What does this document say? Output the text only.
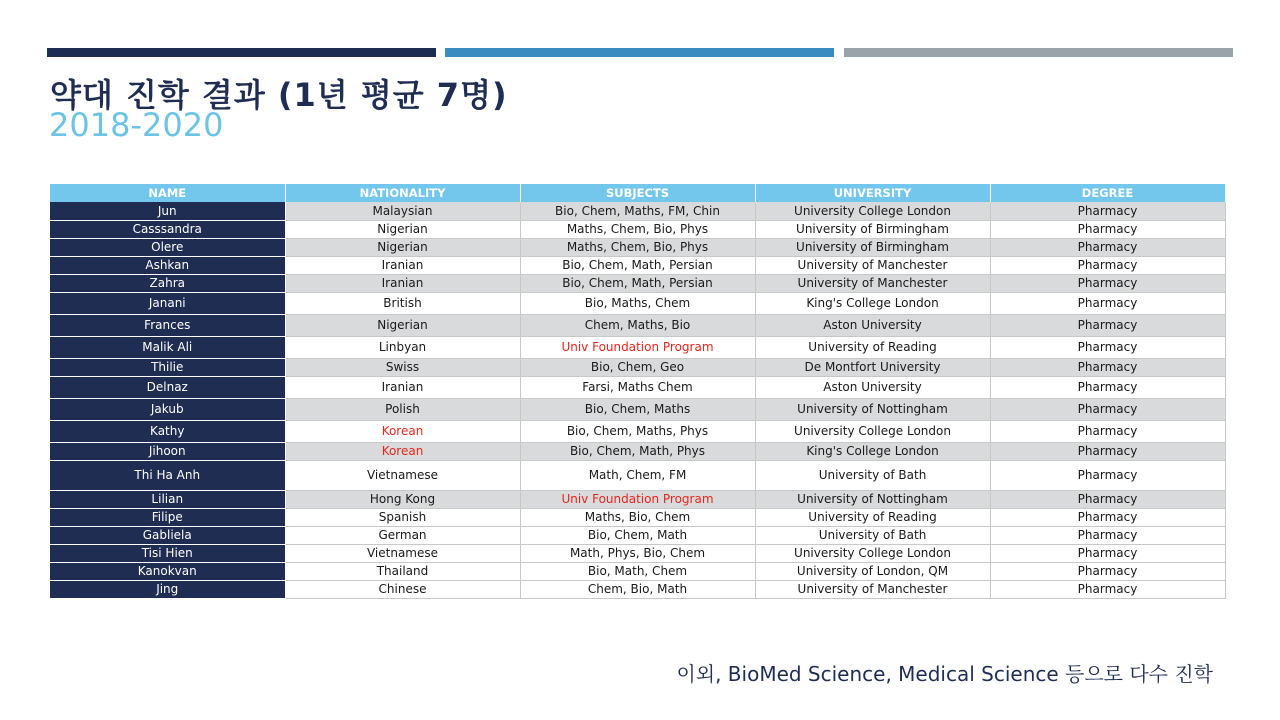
약대 진학 결과 (1년 평균 7명)
2018-2020
NAME	NATIONALITY	SUBJECTS	UNIVERSITY	DEGREE
Jun	Malaysian	Bio, Chem, Maths, FM, Chin	University College London	Pharmacy
Casssandra	Nigerian	Maths, Chem, Bio, Phys	University of Birmingham	Pharmacy
Olere	Nigerian	Maths, Chem, Bio, Phys	University of Birmingham	Pharmacy
Ashkan	Iranian	Bio, Chem, Math, Persian	University of Manchester	Pharmacy
Zahra	Iranian	Bio, Chem, Math, Persian	University of Manchester	Pharmacy
Janani	British	Bio, Maths, Chem	King's College London	Pharmacy
Frances	Nigerian	Chem, Maths, Bio	Aston University	Pharmacy
Malik Ali	Linbyan	Univ Foundation Program	University of Reading	Pharmacy
Thilie	Swiss	Bio, Chem, Geo	De Montfort University	Pharmacy
Delnaz	Iranian	Farsi, Maths Chem	Aston University	Pharmacy
Jakub	Polish	Bio, Chem, Maths	University of Nottingham	Pharmacy
Kathy	Korean	Bio, Chem, Maths, Phys	University College London	Pharmacy
Jihoon	Korean	Bio, Chem, Math, Phys	King's College London	Pharmacy
Thi Ha Anh	Vietnamese	Math, Chem, FM	University of Bath	Pharmacy
Lilian	Hong Kong	Univ Foundation Program	University of Nottingham	Pharmacy
Filipe	Spanish	Maths, Bio, Chem	University of Reading	Pharmacy
Gabliela	German	Bio, Chem, Math	University of Bath	Pharmacy
Tisi Hien	Vietnamese	Math, Phys, Bio, Chem	University College London	Pharmacy
Kanokvan	Thailand	Bio, Math, Chem	University of London, QM	Pharmacy
Jing	Chinese	Chem, Bio, Math	University of Manchester	Pharmacy
이외, BioMed Science, Medical Science 등으로 다수 진학
